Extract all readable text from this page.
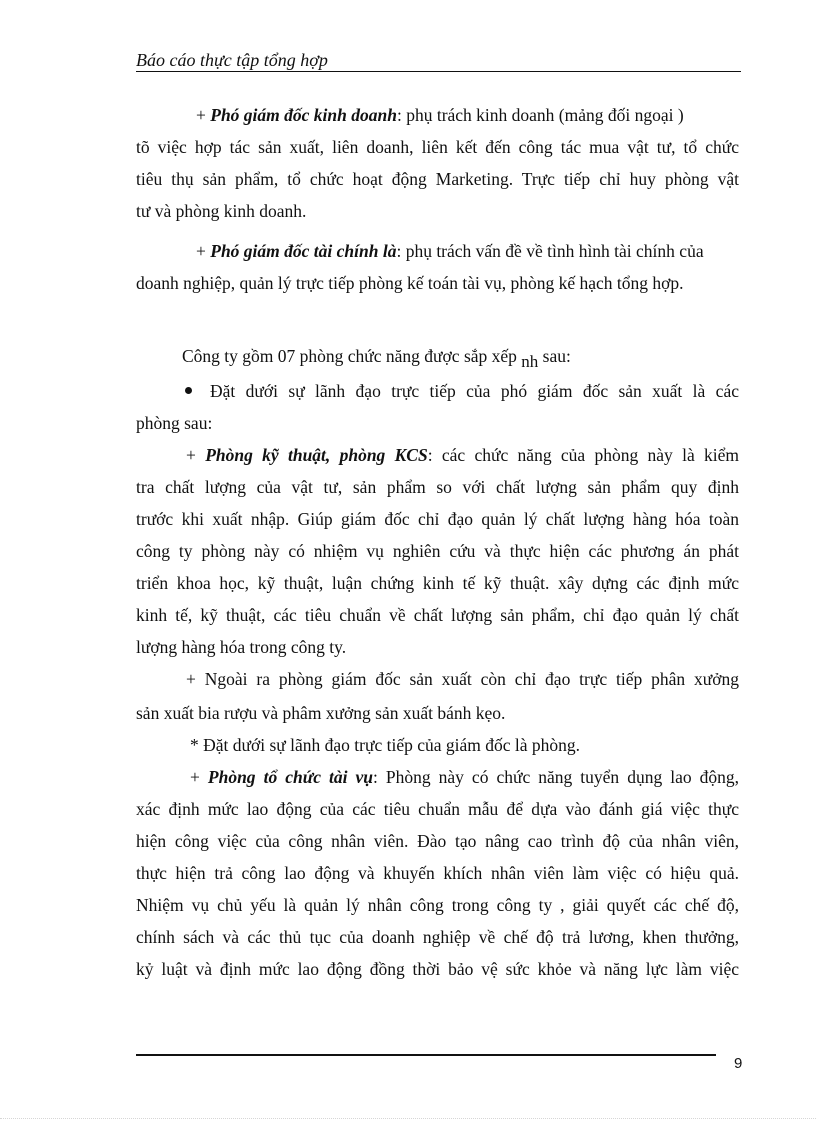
Báo cáo thực tập tổng hợp
+ Phó giám đốc kinh doanh: phụ trách kinh doanh (mảng đối ngoại )
tõ việc hợp tác sản xuất, liên doanh, liên kết đến công tác mua vật tư, tổ chức
tiêu thụ sản phẩm, tổ chức hoạt động Marketing. Trực tiếp chỉ huy phòng vật
tư và phòng kinh doanh.
+ Phó giám đốc tài chính là: phụ trách vấn đề về tình hình tài chính của
doanh nghiệp, quản lý trực tiếp phòng kế toán tài vụ, phòng kế hạch tổng hợp.
Công ty gồm 07 phòng chức năng được sắp xếp nh sau:
Đặt dưới sự lãnh đạo trực tiếp của phó giám đốc sản xuất là các
phòng sau:
+ Phòng kỹ thuật, phòng KCS: các chức năng của phòng này là kiểm
tra chất lượng của vật tư, sản phẩm so với chất lượng sản phẩm quy định
trước khi xuất nhập. Giúp giám đốc chỉ đạo quản lý chất lượng hàng hóa toàn
công ty phòng này có nhiệm vụ nghiên cứu và thực hiện các phương án phát
triển khoa học, kỹ thuật, luận chứng kinh tế kỹ thuật. xây dựng các định mức
kinh tế, kỹ thuật, các tiêu chuẩn về chất lượng sản phẩm, chỉ đạo quản lý chất
lượng hàng hóa trong công ty.
+ Ngoài ra phòng giám đốc sản xuất còn chỉ đạo trực tiếp phân xưởng
sản xuất bia rượu và phâm xưởng sản xuất bánh kẹo.
* Đặt dưới sự lãnh đạo trực tiếp của giám đốc là phòng.
+ Phòng tổ chức tài vụ: Phòng này có chức năng tuyển dụng lao động,
xác định mức lao động của các tiêu chuẩn mẫu để dựa vào đánh giá việc thực
hiện công việc của công nhân viên. Đào tạo nâng cao trình độ của nhân viên,
thực hiện trả công lao động và khuyến khích nhân viên làm việc có hiệu quả.
Nhiệm vụ chủ yếu là quản lý nhân công trong công ty , giải quyết các chế độ,
chính sách và các thủ tục của doanh nghiệp về chế độ trả lương, khen thưởng,
kỷ luật và định mức lao động đồng thời bảo vệ sức khỏe và năng lực làm việc
9
